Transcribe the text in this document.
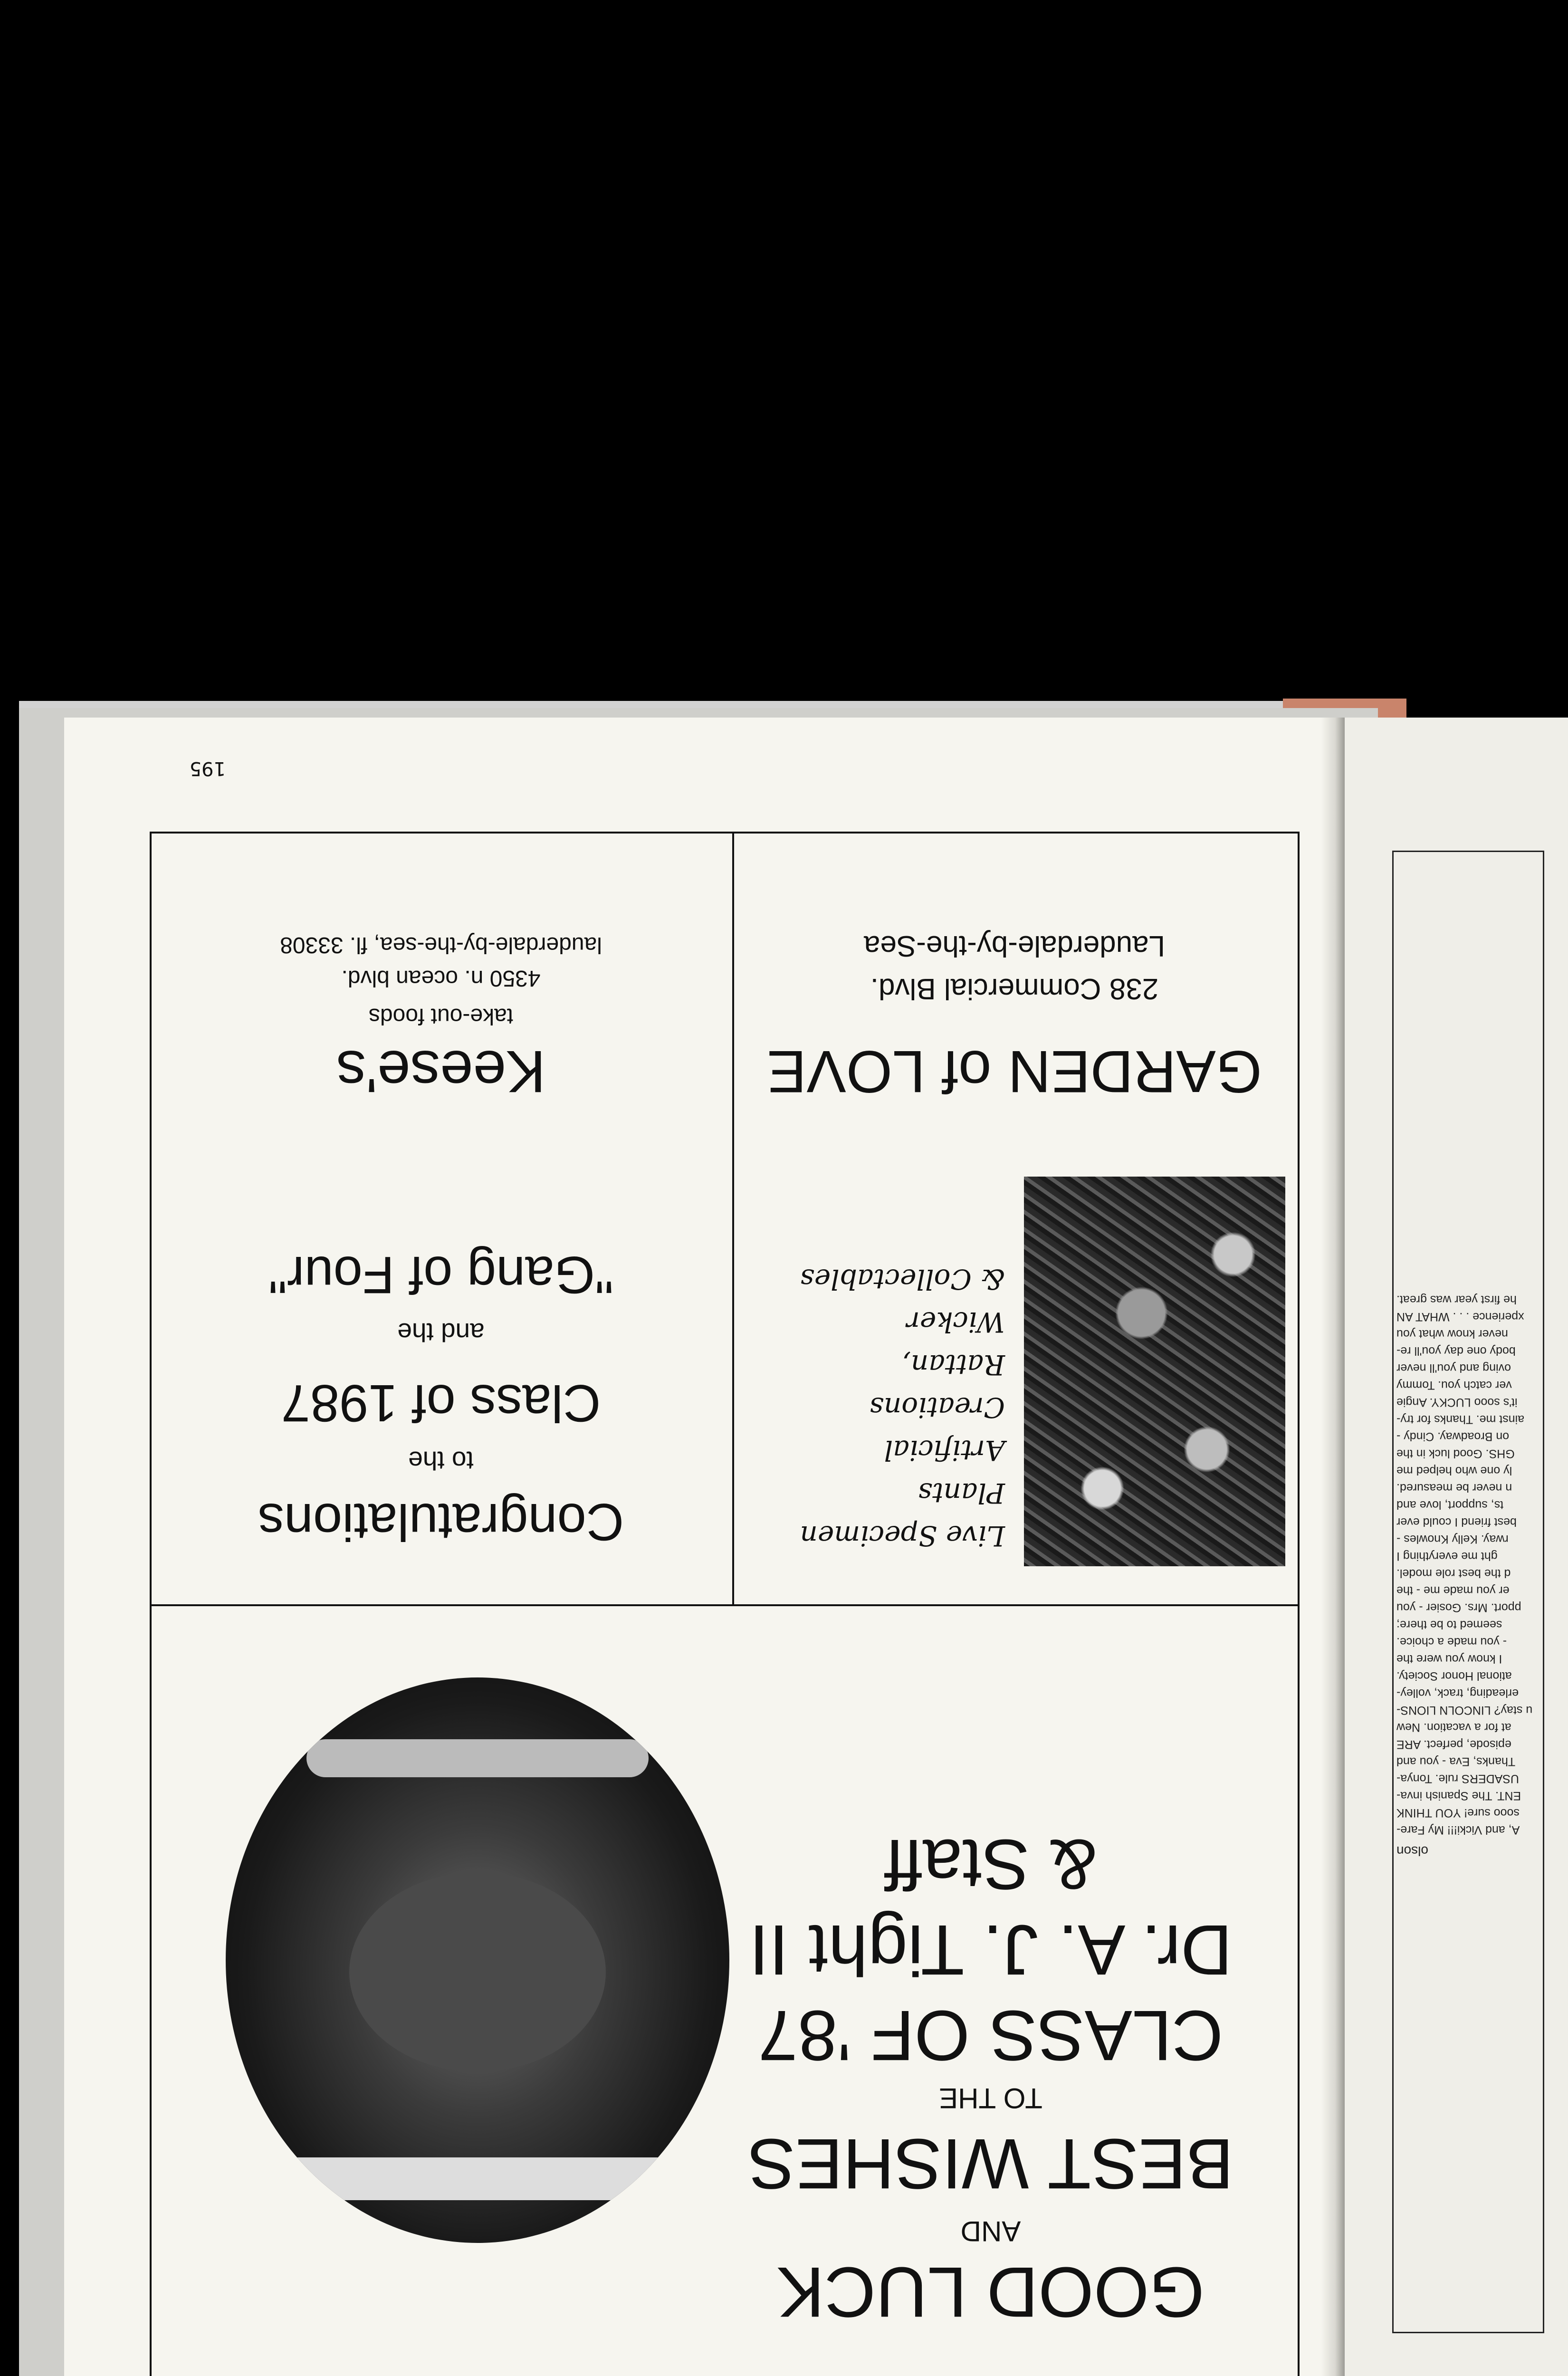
olson
A, and Vicki!!! My Fare-
sooo sure! YOU THINK
ENT. The Spanish inva-
USADERS rule. Tonya-
Thanks, Eva - you and
episode, perfect. ARE
at for a vacation. New
u stay? LINCOLN LIONS-
erleading, track, volley-
ational Honor Society.
I know you were the
- you made a choice.
seemed to be there;
pport. Mrs. Gosier - you
er you made me - the
d the best role model.
ght me everything I
rway. Kelly Knowles -
best friend I could ever
ts, support, love and
n never be measured.
ly one who helped me
GHS. Good luck in the
on Broadway. Cindy -
ainst me. Thanks for try-
it's sooo LUCKY. Angie
ver catch you. Tommy
oving and you'll never
body one day you'll re-
never know what you
xperience . . . WHAT AN
he first year was great.
195
GOOD LUCK
AND
BEST WISHES
TO THE
CLASS OF '87
Dr. A. J. Tight II
& Staff
Live Specimen
Plants
Artificial
Creations
Rattan,
Wicker
& Collectables
GARDEN of LOVE
238 Commercial Blvd.
Lauderdale-by-the-Sea
Congratulations
to the
Class of 1987
and the
"Gang of Four"
Keese's
take-out foods
4350 n. ocean blvd.
lauderdale-by-the-sea, fl. 33308
